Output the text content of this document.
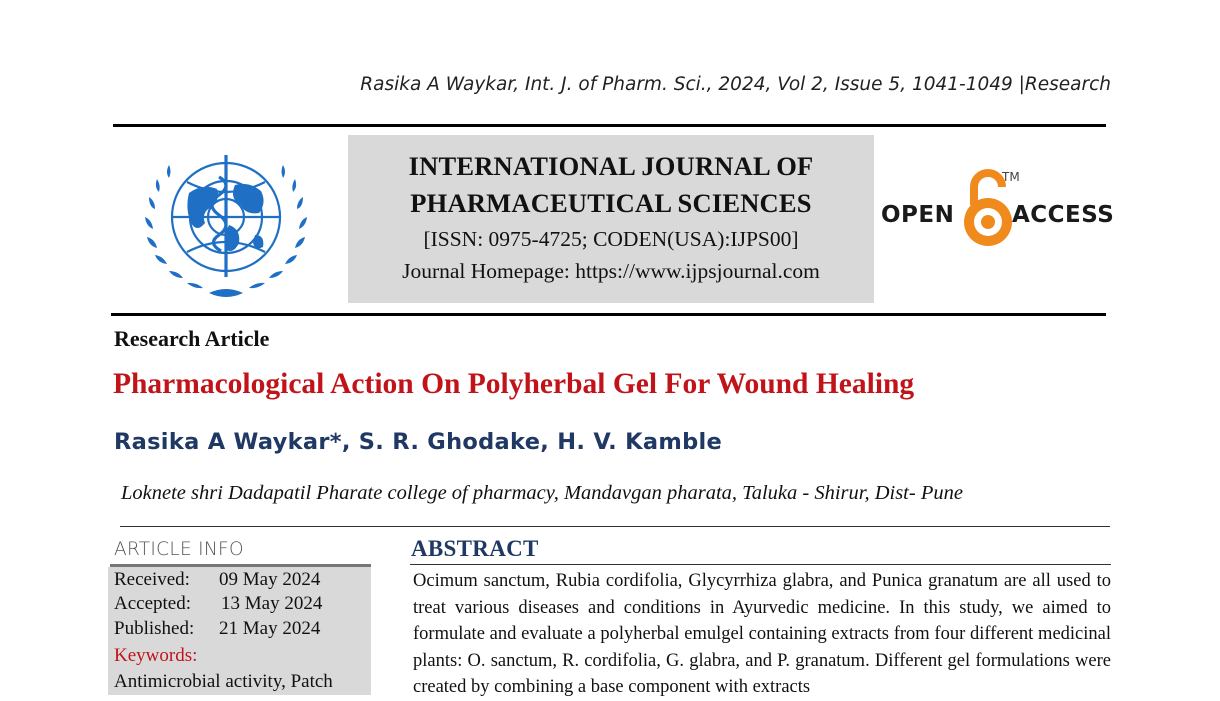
Rasika A Waykar, Int. J. of Pharm. Sci., 2024, Vol 2, Issue 5, 1041-1049 |Research
INTERNATIONAL JOURNAL OF
PHARMACEUTICAL SCIENCES
[ISSN: 0975-4725; CODEN(USA):IJPS00]
Journal Homepage: https://www.ijpsjournal.com
OPEN
TM
ACCESS
Research Article
Pharmacological Action On Polyherbal Gel For Wound Healing
Rasika A Waykar*, S. R. Ghodake, H. V. Kamble
Loknete shri Dadapatil Pharate college of pharmacy, Mandavgan pharata, Taluka - Shirur, Dist- Pune
ARTICLE INFO
Received: 09 May 2024
Accepted: 13 May 2024
Published: 21 May 2024
Keywords:
Antimicrobial activity, Patch
ABSTRACT
Ocimum sanctum, Rubia cordifolia, Glycyrrhiza glabra, and Punica granatum are all used to treat various diseases and conditions in Ayurvedic medicine. In this study, we aimed to formulate and evaluate a polyherbal emulgel containing extracts from four different medicinal plants: O. sanctum, R. cordifolia, G. glabra, and P. granatum. Different gel formulations were created by combining a base component with extracts
